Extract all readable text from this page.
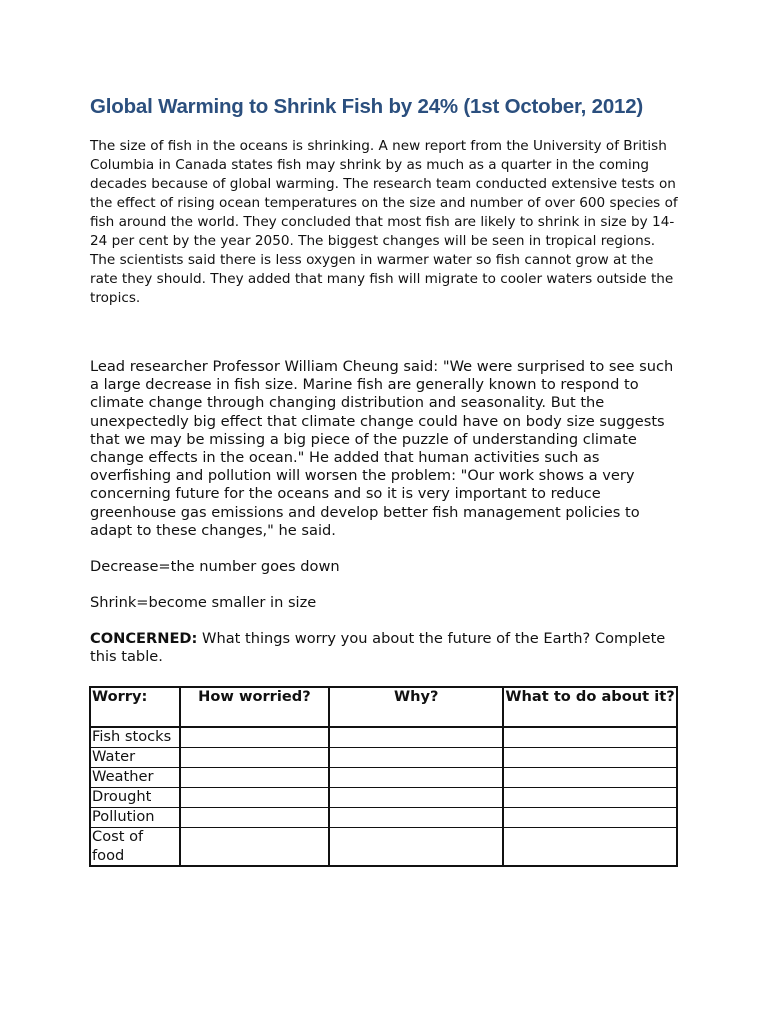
Global Warming to Shrink Fish by 24% (1st October, 2012)

The size of fish in the oceans is shrinking. A new report from the University of British Columbia in Canada states fish may shrink by as much as a quarter in the coming decades because of global warming. The research team conducted extensive tests on the effect of rising ocean temperatures on the size and number of over 600 species of fish around the world. They concluded that most fish are likely to shrink in size by 14-24 per cent by the year 2050. The biggest changes will be seen in tropical regions. The scientists said there is less oxygen in warmer water so fish cannot grow at the rate they should. They added that many fish will migrate to cooler waters outside the tropics.

Lead researcher Professor William Cheung said: "We were surprised to see such a large decrease in fish size. Marine fish are generally known to respond to climate change through changing distribution and seasonality. But the unexpectedly big effect that climate change could have on body size suggests that we may be missing a big piece of the puzzle of understanding climate change effects in the ocean." He added that human activities such as overfishing and pollution will worsen the problem: "Our work shows a very concerning future for the oceans and so it is very important to reduce greenhouse gas emissions and develop better fish management policies to adapt to these changes," he said.

Decrease=the number goes down

Shrink=become smaller in size

CONCERNED: What things worry you about the future of the Earth? Complete this table.

Worry:	How worried?	Why?	What to do about it?
Fish stocks			
Water			
Weather			
Drought			
Pollution			
Cost of food			
